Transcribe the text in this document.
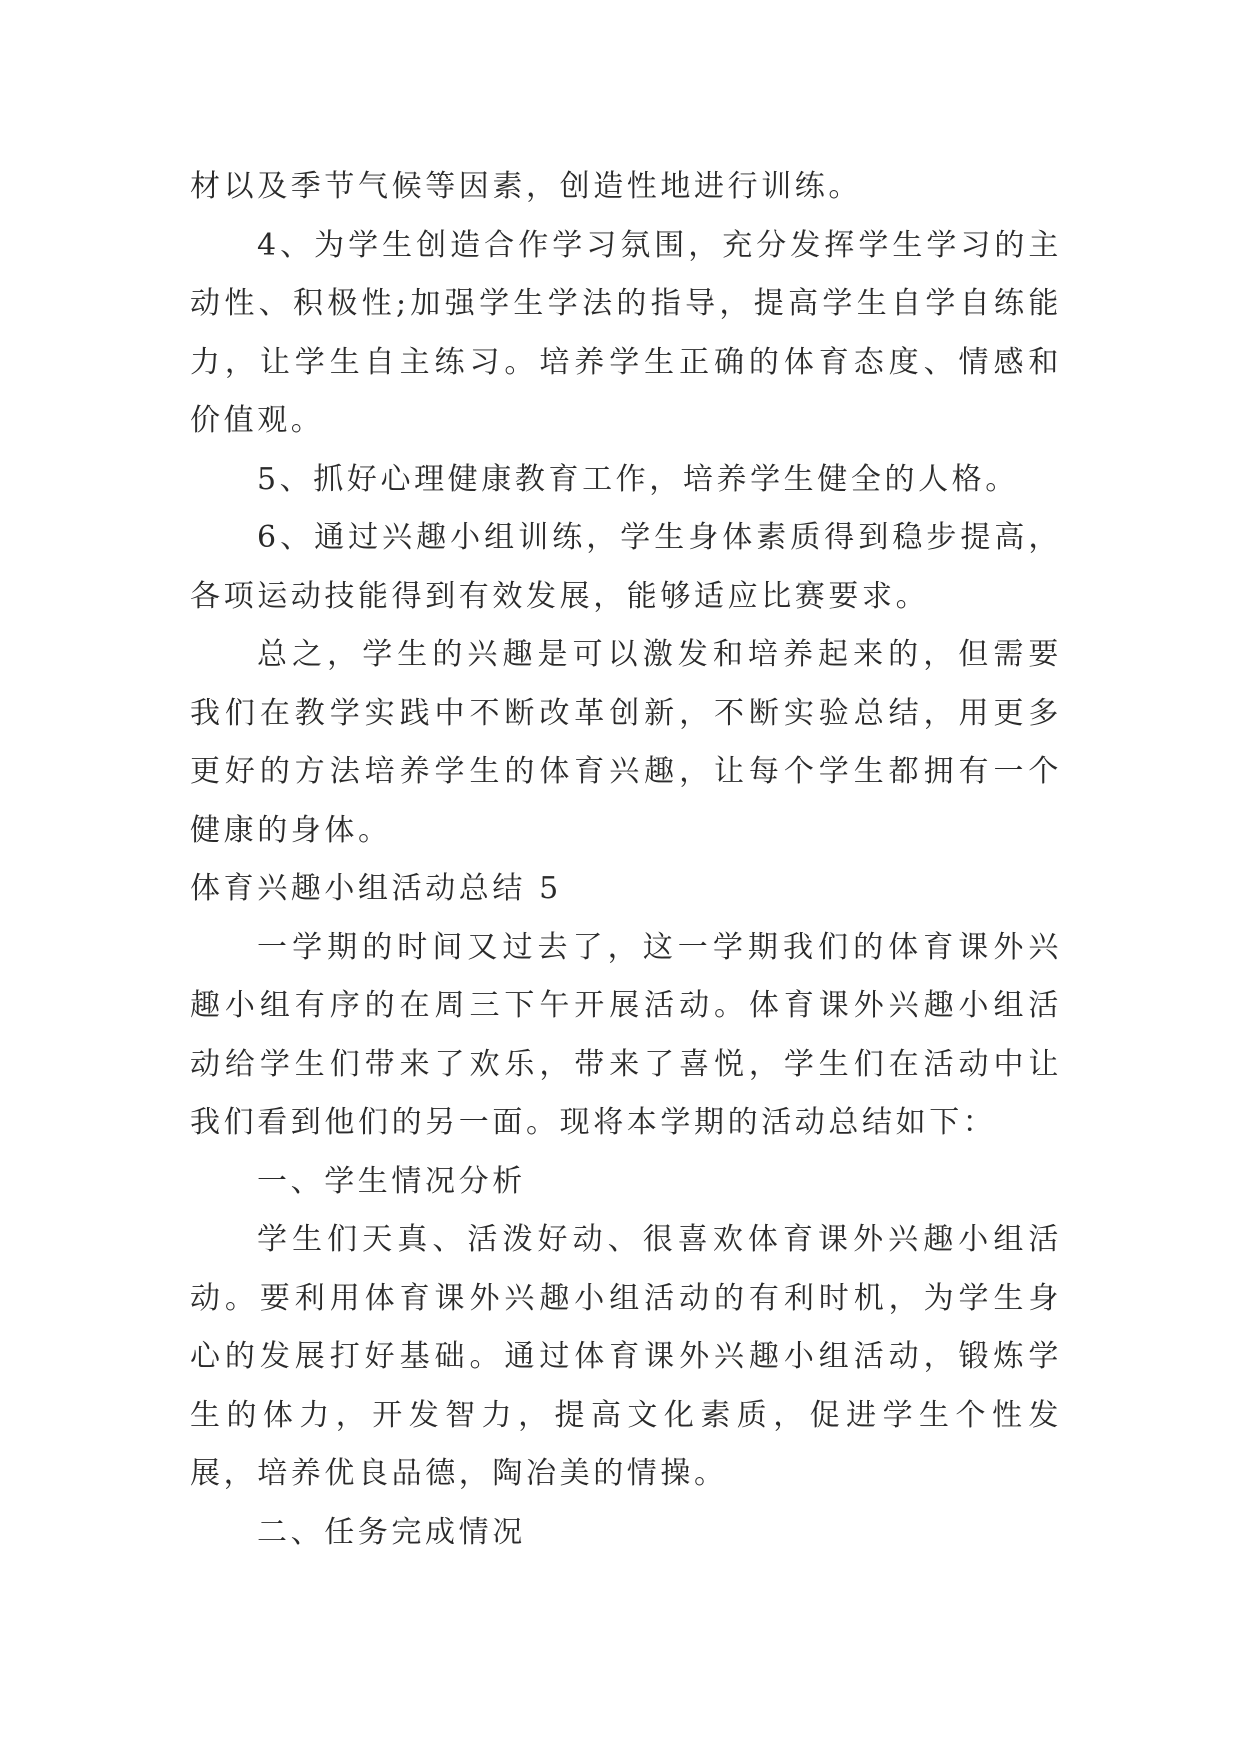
材以及季节气候等因素，创造性地进行训练。

4、为学生创造合作学习氛围，充分发挥学生学习的主动性、积极性;加强学生学法的指导，提高学生自学自练能力，让学生自主练习。培养学生正确的体育态度、情感和价值观。

5、抓好心理健康教育工作，培养学生健全的人格。

6、通过兴趣小组训练，学生身体素质得到稳步提高，各项运动技能得到有效发展，能够适应比赛要求。

总之，学生的兴趣是可以激发和培养起来的，但需要我们在教学实践中不断改革创新，不断实验总结，用更多更好的方法培养学生的体育兴趣，让每个学生都拥有一个健康的身体。

体育兴趣小组活动总结 5

一学期的时间又过去了，这一学期我们的体育课外兴趣小组有序的在周三下午开展活动。体育课外兴趣小组活动给学生们带来了欢乐，带来了喜悦，学生们在活动中让我们看到他们的另一面。现将本学期的活动总结如下：

一、学生情况分析

学生们天真、活泼好动、很喜欢体育课外兴趣小组活动。要利用体育课外兴趣小组活动的有利时机，为学生身心的发展打好基础。通过体育课外兴趣小组活动，锻炼学生的体力，开发智力，提高文化素质，促进学生个性发展，培养优良品德，陶冶美的情操。

二、任务完成情况
